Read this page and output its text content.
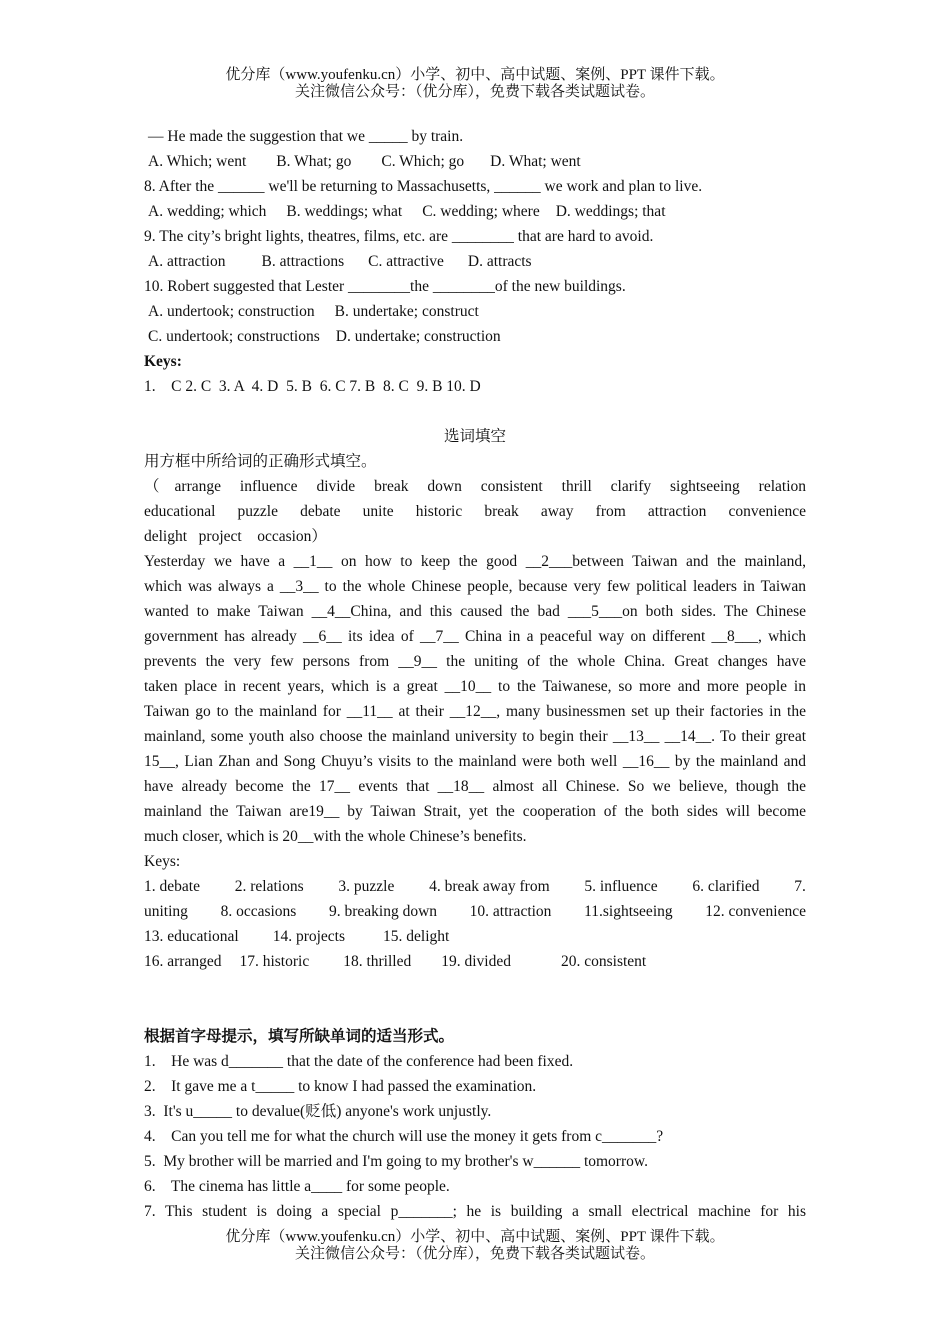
优分库（www.youfenku.cn）小学、初中、高中试题、案例、PPT 课件下载。
关注微信公众号：（优分库），免费下载各类试题试卷。
— He made the suggestion that we _____ by train.
A. Which; went B. What; go C. Which; go D. What; went
8. After the ______ we'll be returning to Massachusetts, ______ we work and plan to live.
A. wedding; which B. weddings; what C. wedding; where D. weddings; that
9. The city’s bright lights, theatres, films, etc. are ________ that are hard to avoid.
A. attraction B. attractions C. attractive D. attracts
10. Robert suggested that Lester ________the ________of the new buildings.
A. undertook; construction B. undertake; construct
C. undertook; constructions D. undertake; construction
Keys:
1.    C 2. C  3. A  4. D  5. B  6. C 7. B  8. C  9. B 10. D
选词填空
用方框中所给词的正确形式填空。
（arrange influence divide break down consistent thrill clarify sightseeing relation
educational puzzle debate unite historic break away from attraction convenience
delight   project    occasion）
Yesterday we have a __1__ on how to keep the good __2___between Taiwan and the mainland,
which was always a __3__ to the whole Chinese people, because very few political leaders in Taiwan
wanted to make Taiwan __4__China, and this caused the bad ___5___on both sides. The Chinese
government has already __6__ its idea of __7__ China in a peaceful way on different __8___, which
prevents the very few persons from __9__ the uniting of the whole China. Great changes have
taken place in recent years, which is a great __10__ to the Taiwanese, so more and more people in
Taiwan go to the mainland for __11__ at their __12__, many businessmen set up their factories in the
mainland, some youth also choose the mainland university to begin their __13__ __14__. To their great
15__, Lian Zhan and Song Chuyu’s visits to the mainland were both well __16__ by the mainland and
have already become the 17__ events that __18__ almost all Chinese. So we believe, though the
mainland the Taiwan are19__ by Taiwan Strait, yet the cooperation of the both sides will become
much closer, which is 20__with the whole Chinese’s benefits.
Keys:
1. debate 2. relations 3. puzzle 4. break away from 5. influence 6. clarified 7.
uniting 8. occasions 9. breaking down 10. attraction 11.sightseeing 12. convenience
13. educational 14. projects 15. delight
16. arranged 17. historic 18. thrilled 19. divided	20. consistent
根据首字母提示，填写所缺单词的适当形式。
1.    He was d_______ that the date of the conference had been fixed.
2.    It gave me a t_____ to know I had passed the examination.
3.  It's u_____ to devalue(贬低) anyone's work unjustly.
4.    Can you tell me for what the church will use the money it gets from c_______?
5.  My brother will be married and I'm going to my brother's w______ tomorrow.
6.    The cinema has little a____ for some people.
7. This student is doing a special p_______; he is building a small electrical machine for his
优分库（www.youfenku.cn）小学、初中、高中试题、案例、PPT 课件下载。
关注微信公众号：（优分库），免费下载各类试题试卷。
